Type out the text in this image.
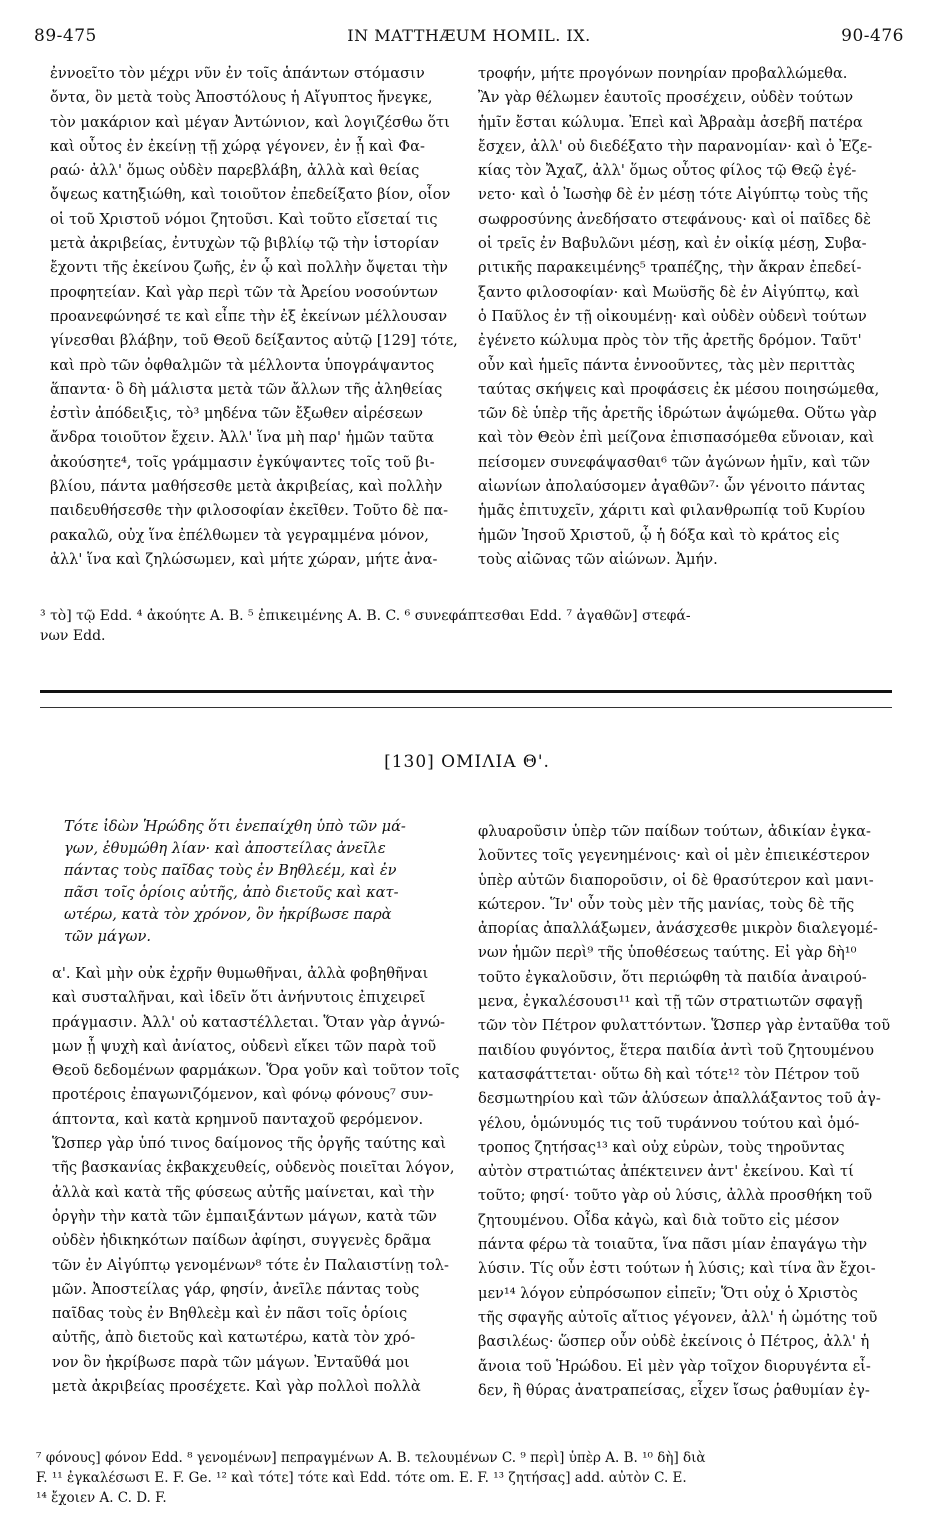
89-475	IN MATTHÆUM HOMIL. IX.	90-476
ἐννοεῖτο τὸν μέχρι νῦν ἐν τοῖς ἁπάντων στόμασιν
ὄντα, ὃν μετὰ τοὺς Ἀποστόλους ἡ Αἴγυπτος ἤνεγκε,
τὸν μακάριον καὶ μέγαν Ἀντώνιον, καὶ λογιζέσθω ὅτι
καὶ οὗτος ἐν ἐκείνῃ τῇ χώρᾳ γέγονεν, ἐν ᾗ καὶ Φα-
ραώ· ἀλλ' ὅμως οὐδὲν παρεβλάβη, ἀλλὰ καὶ θείας
ὄψεως κατηξιώθη, καὶ τοιοῦτον ἐπεδείξατο βίον, οἷον
οἱ τοῦ Χριστοῦ νόμοι ζητοῦσι. Καὶ τοῦτο εἴσεταί τις
μετὰ ἀκριβείας, ἐντυχὼν τῷ βιβλίῳ τῷ τὴν ἱστορίαν
ἔχοντι τῆς ἐκείνου ζωῆς, ἐν ᾧ καὶ πολλὴν ὄψεται τὴν
προφητείαν. Καὶ γὰρ περὶ τῶν τὰ Ἀρείου νοσούντων
προανεφώνησέ τε καὶ εἶπε τὴν ἐξ ἐκείνων μέλλουσαν
γίνεσθαι βλάβην, τοῦ Θεοῦ δείξαντος αὐτῷ [129] τότε,
καὶ πρὸ τῶν ὀφθαλμῶν τὰ μέλλοντα ὑπογράψαντος
ἅπαντα· ὃ δὴ μάλιστα μετὰ τῶν ἄλλων τῆς ἀληθείας
ἐστὶν ἀπόδειξις, τὸ³ μηδένα τῶν ἔξωθεν αἱρέσεων
ἄνδρα τοιοῦτον ἔχειν. Ἀλλ' ἵνα μὴ παρ' ἡμῶν ταῦτα
ἀκούσητε⁴, τοῖς γράμμασιν ἐγκύψαντες τοῖς τοῦ βι-
βλίου, πάντα μαθήσεσθε μετὰ ἀκριβείας, καὶ πολλὴν
παιδευθήσεσθε τὴν φιλοσοφίαν ἐκεῖθεν. Τοῦτο δὲ πα-
ρακαλῶ, οὐχ ἵνα ἐπέλθωμεν τὰ γεγραμμένα μόνον,
ἀλλ' ἵνα καὶ ζηλώσωμεν, καὶ μήτε χώραν, μήτε ἀνα-
τροφήν, μήτε προγόνων πονηρίαν προβαλλώμεθα.
Ἂν γὰρ θέλωμεν ἑαυτοῖς προσέχειν, οὐδὲν τούτων
ἡμῖν ἔσται κώλυμα. Ἐπεὶ καὶ Ἀβραὰμ ἀσεβῆ πατέρα
ἔσχεν, ἀλλ' οὐ διεδέξατο τὴν παρανομίαν· καὶ ὁ Ἐζε-
κίας τὸν Ἄχαζ, ἀλλ' ὅμως οὗτος φίλος τῷ Θεῷ ἐγέ-
νετο· καὶ ὁ Ἰωσὴφ δὲ ἐν μέσῃ τότε Αἰγύπτῳ τοὺς τῆς
σωφροσύνης ἀνεδήσατο στεφάνους· καὶ οἱ παῖδες δὲ
οἱ τρεῖς ἐν Βαβυλῶνι μέσῃ, καὶ ἐν οἰκίᾳ μέσῃ, Συβα-
ριτικῆς παρακειμένης⁵ τραπέζης, τὴν ἄκραν ἐπεδεί-
ξαντο φιλοσοφίαν· καὶ Μωϋσῆς δὲ ἐν Αἰγύπτῳ, καὶ
ὁ Παῦλος ἐν τῇ οἰκουμένῃ· καὶ οὐδὲν οὐδενὶ τούτων
ἐγένετο κώλυμα πρὸς τὸν τῆς ἀρετῆς δρόμον. Ταῦτ'
οὖν καὶ ἡμεῖς πάντα ἐννοοῦντες, τὰς μὲν περιττὰς
ταύτας σκήψεις καὶ προφάσεις ἐκ μέσου ποιησώμεθα,
τῶν δὲ ὑπὲρ τῆς ἀρετῆς ἱδρώτων ἁψώμεθα. Οὕτω γὰρ
καὶ τὸν Θεὸν ἐπὶ μείζονα ἐπισπασόμεθα εὔνοιαν, καὶ
πείσομεν συνεφάψασθαι⁶ τῶν ἀγώνων ἡμῖν, καὶ τῶν
αἰωνίων ἀπολαύσομεν ἀγαθῶν⁷· ὧν γένοιτο πάντας
ἡμᾶς ἐπιτυχεῖν, χάριτι καὶ φιλανθρωπίᾳ τοῦ Κυρίου
ἡμῶν Ἰησοῦ Χριστοῦ, ᾧ ἡ δόξα καὶ τὸ κράτος εἰς
τοὺς αἰῶνας τῶν αἰώνων. Ἀμήν.
³ τὸ] τῷ Edd. ⁴ ἀκούητε A. B. ⁵ ἐπικειμένης A. B. C. ⁶ συνεφάπτεσθαι Edd. ⁷ ἀγαθῶν] στεφά-
νων Edd.
[130] ΟΜΙΛΙΑ Θ'.
Τότε ἰδὼν Ἡρώδης ὅτι ἐνεπαίχθη ὑπὸ τῶν μά-
γων, ἐθυμώθη λίαν· καὶ ἀποστείλας ἀνεῖλε
πάντας τοὺς παῖδας τοὺς ἐν Βηθλεέμ, καὶ ἐν
πᾶσι τοῖς ὁρίοις αὐτῆς, ἀπὸ διετοῦς καὶ κατ-
ωτέρω, κατὰ τὸν χρόνον, ὃν ἠκρίβωσε παρὰ
τῶν μάγων.
α'. Καὶ μὴν οὐκ ἐχρῆν θυμωθῆναι, ἀλλὰ φοβηθῆναι
καὶ συσταλῆναι, καὶ ἰδεῖν ὅτι ἀνήνυτοις ἐπιχειρεῖ
πράγμασιν. Ἀλλ' οὐ καταστέλλεται. Ὅταν γὰρ ἀγνώ-
μων ᾖ ψυχὴ καὶ ἀνίατος, οὐδενὶ εἴκει τῶν παρὰ τοῦ
Θεοῦ δεδομένων φαρμάκων. Ὅρα γοῦν καὶ τοῦτον τοῖς
προτέροις ἐπαγωνιζόμενον, καὶ φόνῳ φόνους⁷ συν-
άπτοντα, καὶ κατὰ κρημνοῦ πανταχοῦ φερόμενον.
Ὥσπερ γὰρ ὑπό τινος δαίμονος τῆς ὀργῆς ταύτης καὶ
τῆς βασκανίας ἐκβακχευθείς, οὐδενὸς ποιεῖται λόγον,
ἀλλὰ καὶ κατὰ τῆς φύσεως αὐτῆς μαίνεται, καὶ τὴν
ὀργὴν τὴν κατὰ τῶν ἐμπαιξάντων μάγων, κατὰ τῶν
οὐδὲν ἠδικηκότων παίδων ἀφίησι, συγγενὲς δρᾶμα
τῶν ἐν Αἰγύπτῳ γενομένων⁸ τότε ἐν Παλαιστίνῃ τολ-
μῶν. Ἀποστείλας γάρ, φησίν, ἀνεῖλε πάντας τοὺς
παῖδας τοὺς ἐν Βηθλεὲμ καὶ ἐν πᾶσι τοῖς ὁρίοις
αὐτῆς, ἀπὸ διετοῦς καὶ κατωτέρω, κατὰ τὸν χρό-
νον ὃν ἠκρίβωσε παρὰ τῶν μάγων. Ἐνταῦθά μοι
μετὰ ἀκριβείας προσέχετε. Καὶ γὰρ πολλοὶ πολλὰ
φλυαροῦσιν ὑπὲρ τῶν παίδων τούτων, ἀδικίαν ἐγκα-
λοῦντες τοῖς γεγενημένοις· καὶ οἱ μὲν ἐπιεικέστερον
ὑπὲρ αὐτῶν διαποροῦσιν, οἱ δὲ θρασύτερον καὶ μανι-
κώτερον. Ἵν' οὖν τοὺς μὲν τῆς μανίας, τοὺς δὲ τῆς
ἀπορίας ἀπαλλάξωμεν, ἀνάσχεσθε μικρὸν διαλεγομέ-
νων ἡμῶν περὶ⁹ τῆς ὑποθέσεως ταύτης. Εἰ γὰρ δὴ¹⁰
τοῦτο ἐγκαλοῦσιν, ὅτι περιώφθη τὰ παιδία ἀναιρού-
μενα, ἐγκαλέσουσι¹¹ καὶ τῇ τῶν στρατιωτῶν σφαγῇ
τῶν τὸν Πέτρον φυλαττόντων. Ὥσπερ γὰρ ἐνταῦθα τοῦ
παιδίου φυγόντος, ἕτερα παιδία ἀντὶ τοῦ ζητουμένου
κατασφάττεται· οὕτω δὴ καὶ τότε¹² τὸν Πέτρον τοῦ
δεσμωτηρίου καὶ τῶν ἁλύσεων ἀπαλλάξαντος τοῦ ἀγ-
γέλου, ὁμώνυμός τις τοῦ τυράννου τούτου καὶ ὁμό-
τροπος ζητήσας¹³ καὶ οὐχ εὑρὼν, τοὺς τηροῦντας
αὐτὸν στρατιώτας ἀπέκτεινεν ἀντ' ἐκείνου. Καὶ τί
τοῦτο; φησί· τοῦτο γὰρ οὐ λύσις, ἀλλὰ προσθήκη τοῦ
ζητουμένου. Οἶδα κἀγὼ, καὶ διὰ τοῦτο εἰς μέσον
πάντα φέρω τὰ τοιαῦτα, ἵνα πᾶσι μίαν ἐπαγάγω τὴν
λύσιν. Τίς οὖν ἐστι τούτων ἡ λύσις; καὶ τίνα ἂν ἔχοι-
μεν¹⁴ λόγον εὐπρόσωπον εἰπεῖν; Ὅτι οὐχ ὁ Χριστὸς
τῆς σφαγῆς αὐτοῖς αἴτιος γέγονεν, ἀλλ' ἡ ὠμότης τοῦ
βασιλέως· ὥσπερ οὖν οὐδὲ ἐκείνοις ὁ Πέτρος, ἀλλ' ἡ
ἄνοια τοῦ Ἡρώδου. Εἰ μὲν γὰρ τοῖχον διορυγέντα εἶ-
δεν, ἢ θύρας ἀνατραπείσας, εἶχεν ἴσως ῥαθυμίαν ἐγ-
⁷ φόνους] φόνον Edd. ⁸ γενομένων] πεπραγμένων A. B. τελουμένων C. ⁹ περὶ] ὑπὲρ A. B. ¹⁰ δὴ] διὰ
F. ¹¹ ἐγκαλέσωσι E. F. Ge. ¹² καὶ τότε] τότε καὶ Edd. τότε om. E. F. ¹³ ζητήσας] add. αὐτὸν C. E.
¹⁴ ἔχοιεν A. C. D. F.
